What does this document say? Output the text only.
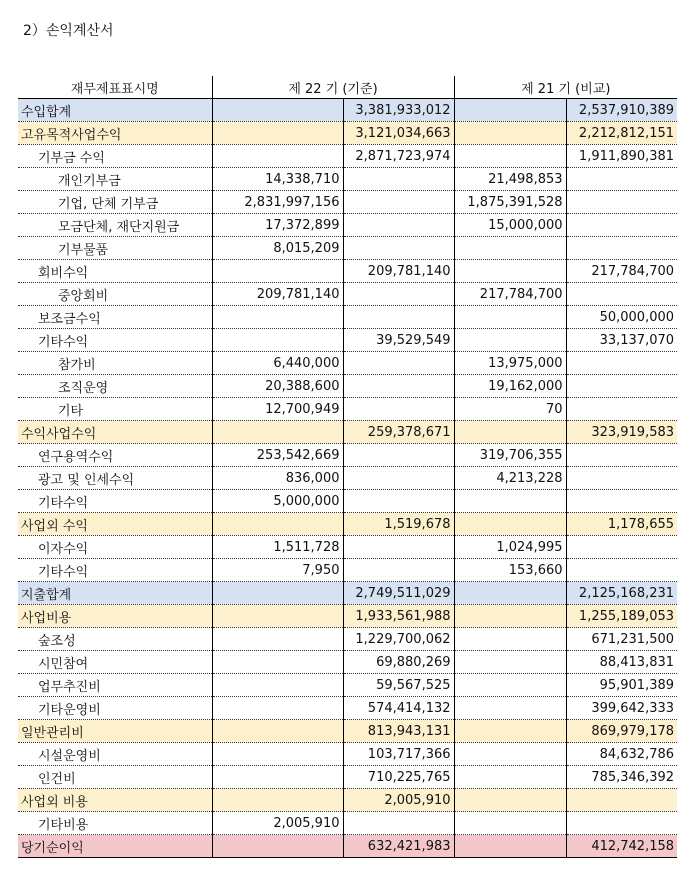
2）손익계산서
재무제표표시명	제 22 기 (기준)		제 21 기 (비교)	
수입합계		3,381,933,012		2,537,910,389
고유목적사업수익		3,121,034,663		2,212,812,151
기부금 수익		2,871,723,974		1,911,890,381
개인기부금	14,338,710		21,498,853	
기업, 단체 기부금	2,831,997,156		1,875,391,528	
모금단체, 재단지원금	17,372,899		15,000,000	
기부물품	8,015,209			
회비수익		209,781,140		217,784,700
중앙회비	209,781,140		217,784,700	
보조금수익				50,000,000
기타수익		39,529,549		33,137,070
참가비	6,440,000		13,975,000	
조직운영	20,388,600		19,162,000	
기타	12,700,949		70	
수익사업수익		259,378,671		323,919,583
연구용역수익	253,542,669		319,706,355	
광고 및 인세수익	836,000		4,213,228	
기타수익	5,000,000			
사업외 수익		1,519,678		1,178,655
이자수익	1,511,728		1,024,995	
기타수익	7,950		153,660	
지출합계		2,749,511,029		2,125,168,231
사업비용		1,933,561,988		1,255,189,053
숲조성		1,229,700,062		671,231,500
시민참여		69,880,269		88,413,831
업무추진비		59,567,525		95,901,389
기타운영비		574,414,132		399,642,333
일반관리비		813,943,131		869,979,178
시설운영비		103,717,366		84,632,786
인건비		710,225,765		785,346,392
사업외 비용		2,005,910		
기타비용	2,005,910			
당기순이익		632,421,983		412,742,158
